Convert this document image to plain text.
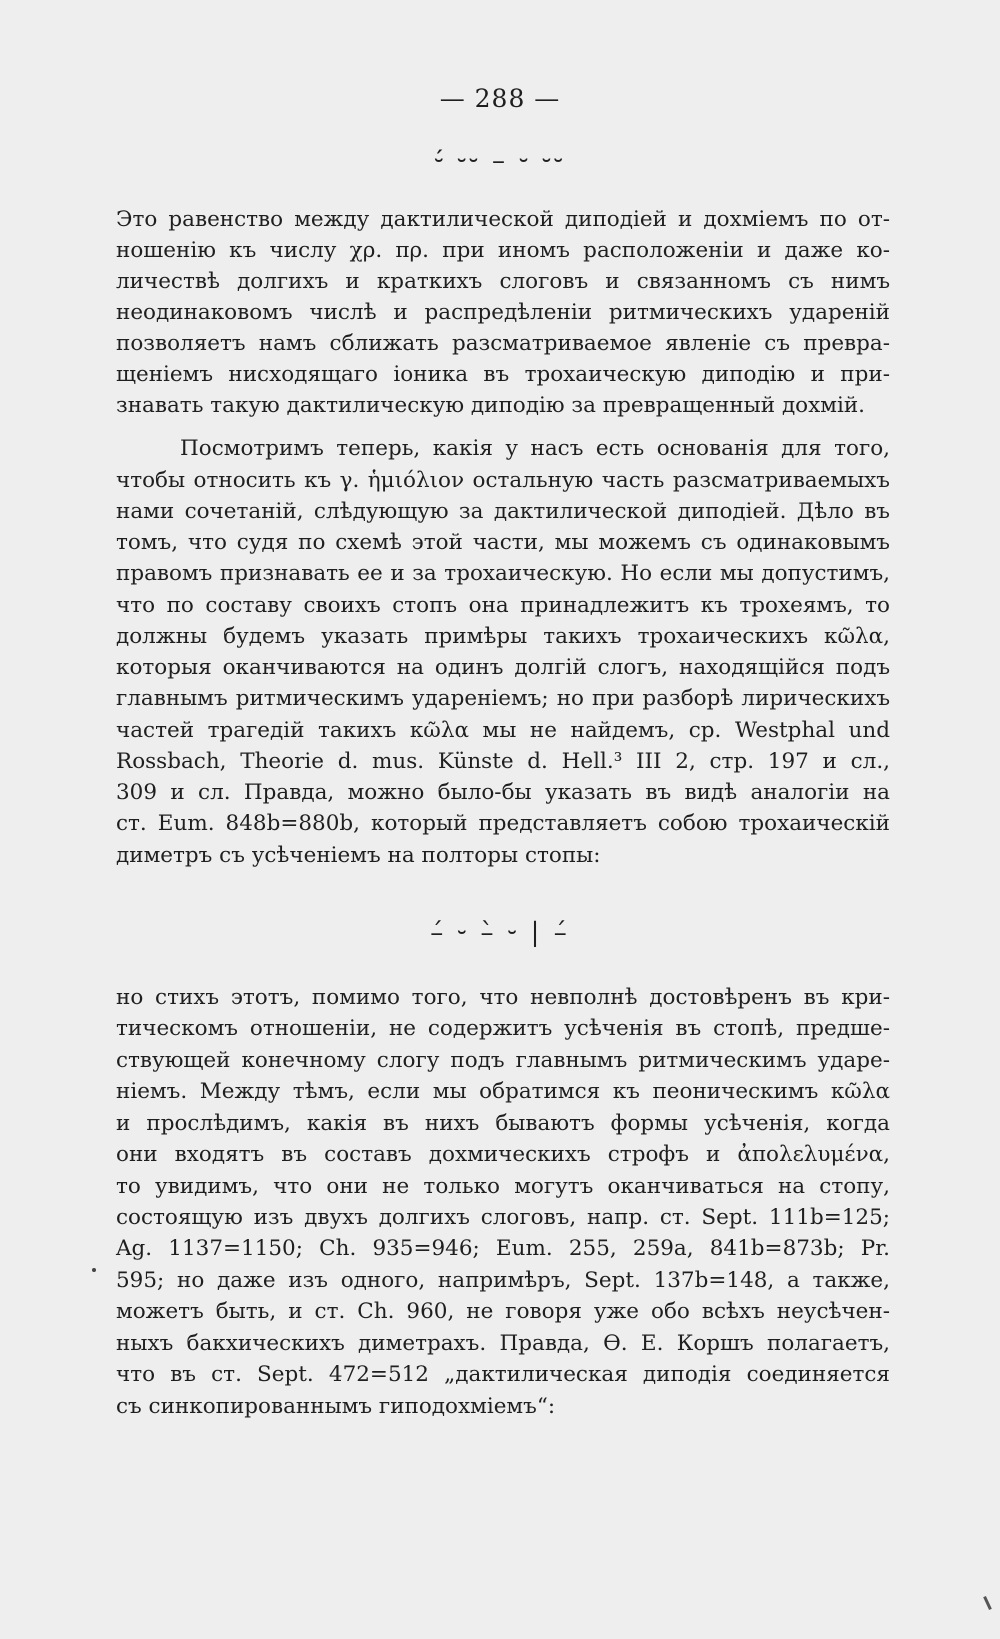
— 288 —
⏑́ ⏑⏑ – ⏑ ⏑⏑
Это равенство между дактилической диподіей и дохміемъ по от-
ношенію къ числу χρ. πρ. при иномъ расположеніи и даже ко-
личествѣ долгихъ и краткихъ слоговъ и связанномъ съ нимъ
неодинаковомъ числѣ и распредѣленіи ритмическихъ удареній
позволяетъ намъ сближать разсматриваемое явленіе съ превра-
щеніемъ нисходящаго іоника въ трохаическую диподію и при-
знавать такую дактилическую диподію за превращенный дохмій.
Посмотримъ теперь, какія у насъ есть основанія для того,
чтобы относить къ γ. ἡμιόλιον остальную часть разсматриваемыхъ
нами сочетаній, слѣдующую за дактилической диподіей. Дѣло въ
томъ, что судя по схемѣ этой части, мы можемъ съ одинаковымъ
правомъ признавать ее и за трохаическую. Но если мы допустимъ,
что по составу своихъ стопъ она принадлежитъ къ трохеямъ, то
должны будемъ указать примѣры такихъ трохаическихъ κῶλα,
которыя оканчиваются на одинъ долгій слогъ, находящійся подъ
главнымъ ритмическимъ удареніемъ; но при разборѣ лирическихъ
частей трагедій такихъ κῶλα мы не найдемъ, ср. Westphal und
Rossbach, Theorie d. mus. Künste d. Hell.³ III 2, стр. 197 и сл.,
309 и сл. Правда, можно было-бы указать въ видѣ аналогіи на
ст. Eum. 848b=880b, который представляетъ собою трохаическій
диметръ съ усѣченіемъ на полторы стопы:
–́ ⏑ –̀ ⏑ | –́
но стихъ этотъ, помимо того, что невполнѣ достовѣренъ въ кри-
тическомъ отношеніи, не содержитъ усѣченія въ стопѣ, предше-
ствующей конечному слогу подъ главнымъ ритмическимъ ударе-
ніемъ. Между тѣмъ, если мы обратимся къ пеоническимъ κῶλα
и прослѣдимъ, какія въ нихъ бываютъ формы усѣченія, когда
они входятъ въ составъ дохмическихъ строфъ и ἀπολελυμένα,
то увидимъ, что они не только могутъ оканчиваться на стопу,
состоящую изъ двухъ долгихъ слоговъ, напр. ст. Sept. 111b=125;
Ag. 1137=1150; Ch. 935=946; Eum. 255, 259a, 841b=873b; Pr.
595; но даже изъ одного, напримѣръ, Sept. 137b=148, а также,
можетъ быть, и ст. Ch. 960, не говоря уже обо всѣхъ неусѣчен-
ныхъ бакхическихъ диметрахъ. Правда, Ѳ. Е. Коршъ полагаетъ,
что въ ст. Sept. 472=512 „дактилическая диподія соединяется
съ синкопированнымъ гиподохміемъ“:
